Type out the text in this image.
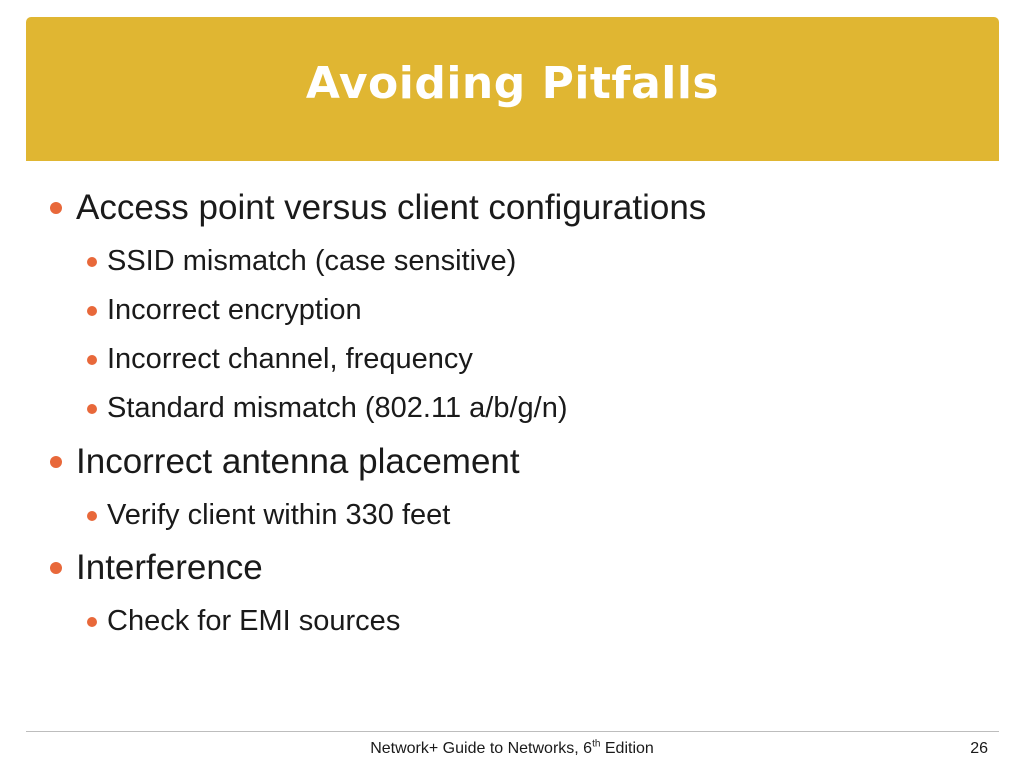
Avoiding Pitfalls
Access point versus client configurations
SSID mismatch (case sensitive)
Incorrect encryption
Incorrect channel, frequency
Standard mismatch (802.11 a/b/g/n)
Incorrect antenna placement
Verify client within 330 feet
Interference
Check for EMI sources
Network+ Guide to Networks, 6th Edition	26
